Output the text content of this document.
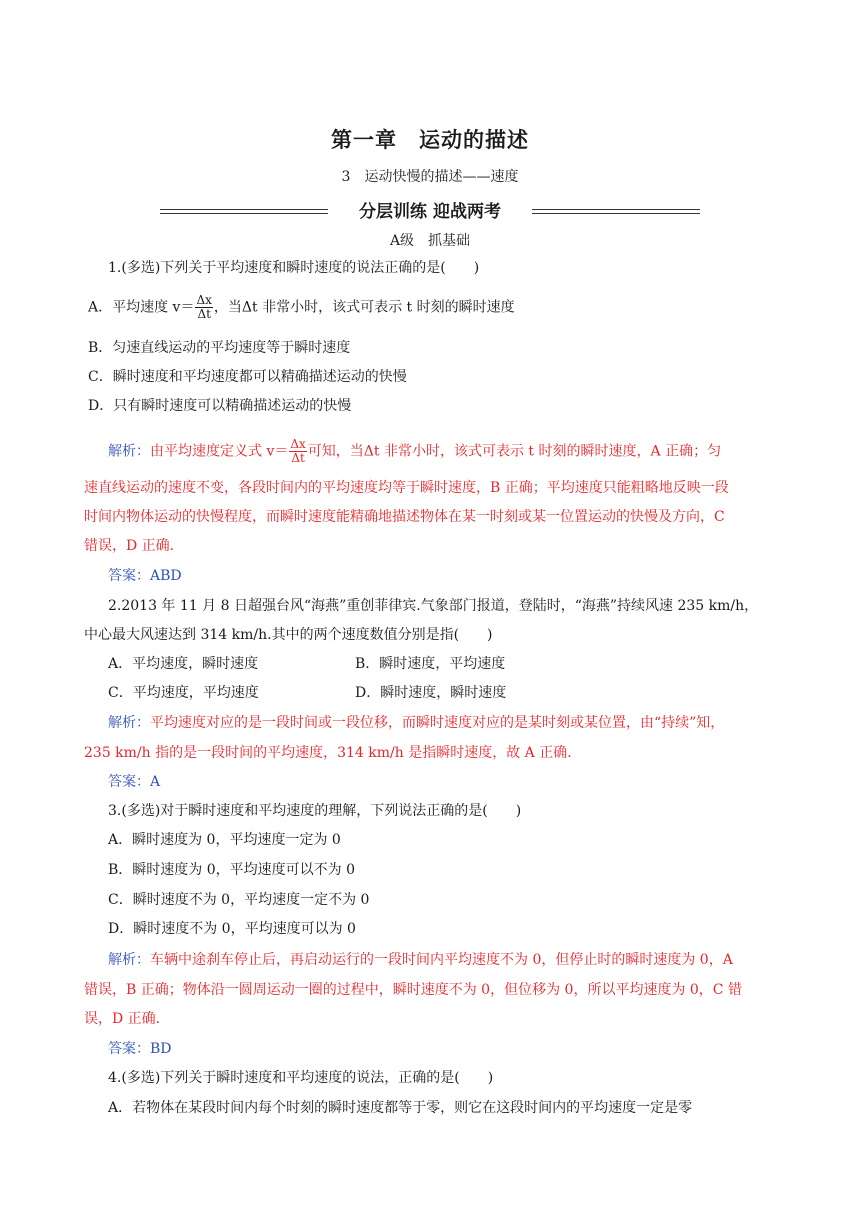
第一章 运动的描述
3　运动快慢的描述——速度
分层训练 迎战两考
A级　抓基础
1.(多选)下列关于平均速度和瞬时速度的说法正确的是(　　)
A．平均速度 $v= \frac{\Delta x}{\Delta t}$ ，当Δt 非常小时，该式可表示 t 时刻的瞬时速度
B．匀速直线运动的平均速度等于瞬时速度
C．瞬时速度和平均速度都可以精确描述运动的快慢
D．只有瞬时速度可以精确描述运动的快慢
解析：由平均速度定义式 $v= \frac{\Delta x}{\Delta t}$ 可知，当Δt 非常小时，该式可表示 t 时刻的瞬时速度，A 正确；匀
速直线运动的速度不变，各段时间内的平均速度均等于瞬时速度，B 正确；平均速度只能粗略地反映一段
时间内物体运动的快慢程度，而瞬时速度能精确地描述物体在某一时刻或某一位置运动的快慢及方向，C
错误，D 正确.
答案：ABD
2.2013 年 11 月 8 日超强台风“海燕”重创菲律宾.气象部门报道，登陆时，“海燕”持续风速 235 km/h，
中心最大风速达到 314 km/h.其中的两个速度数值分别是指(　　)
A．平均速度，瞬时速度	B．瞬时速度，平均速度
C．平均速度，平均速度	D．瞬时速度，瞬时速度
解析：平均速度对应的是一段时间或一段位移，而瞬时速度对应的是某时刻或某位置，由“持续”知，
235 km/h 指的是一段时间的平均速度，314 km/h 是指瞬时速度，故 A 正确.
答案：A
3.(多选)对于瞬时速度和平均速度的理解，下列说法正确的是(　　)
A．瞬时速度为 0，平均速度一定为 0
B．瞬时速度为 0，平均速度可以不为 0
C．瞬时速度不为 0，平均速度一定不为 0
D．瞬时速度不为 0，平均速度可以为 0
解析：车辆中途刹车停止后，再启动运行的一段时间内平均速度不为 0，但停止时的瞬时速度为 0，A
错误，B 正确；物体沿一圆周运动一圈的过程中，瞬时速度不为 0，但位移为 0，所以平均速度为 0，C 错
误，D 正确.
答案：BD
4.(多选)下列关于瞬时速度和平均速度的说法，正确的是(　　)
A．若物体在某段时间内每个时刻的瞬时速度都等于零，则它在这段时间内的平均速度一定是零
